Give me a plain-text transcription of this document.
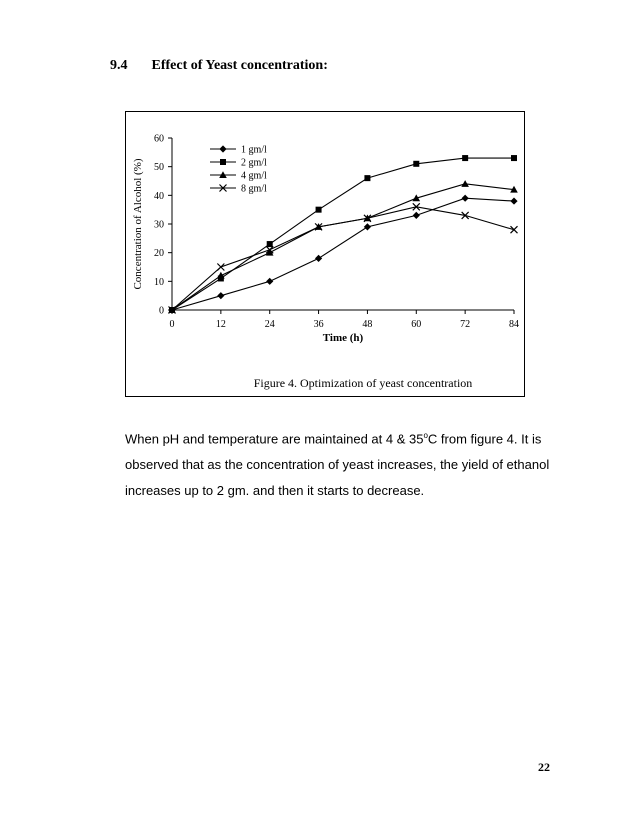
9.4 Effect of Yeast concentration:
0
10
20
30
40
50
60
0	12	24	36	48	60	72	84
Time (h)
Concentration of Alcohol (%)
1 gm/l
2 gm/l
4 gm/l
8 gm/l
Figure 4. Optimization of yeast concentration

When pH and temperature are maintained at 4 & 35$^o$C from figure 4. It is

observed that as the concentration of yeast increases, the yield of ethanol

increases up to 2 gm. and then it starts to decrease.

22
